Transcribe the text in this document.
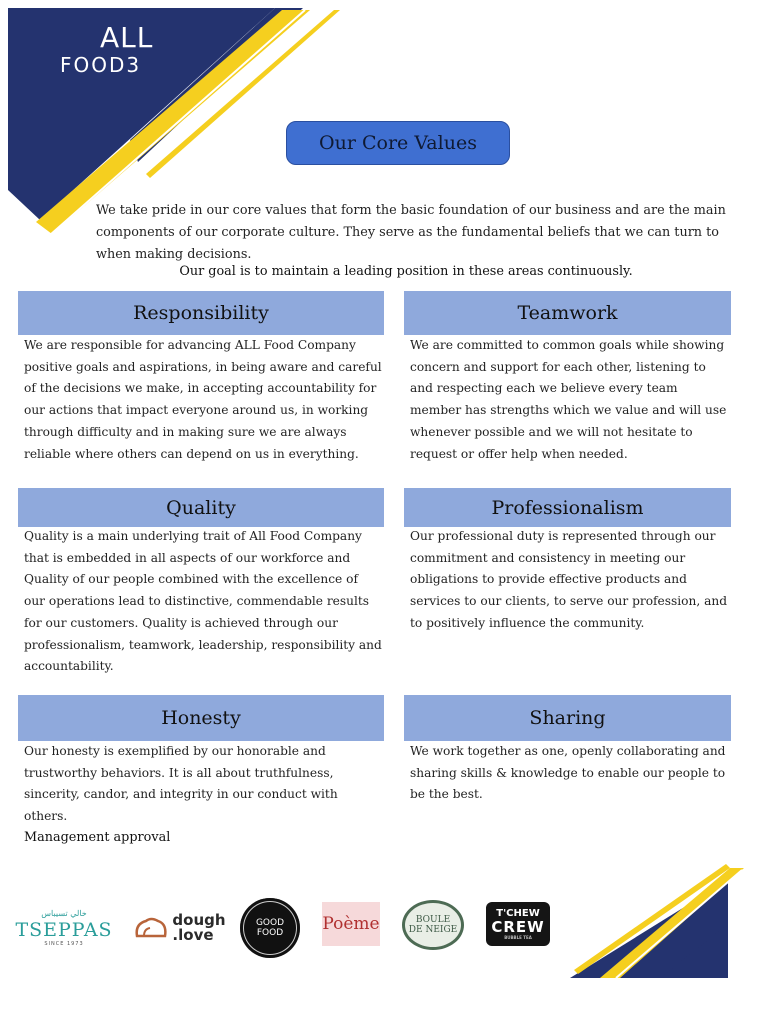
ALL
FOOD3
Our Core Values
We take pride in our core values that form the basic foundation of our business and are the main components of our corporate culture. They serve as the fundamental beliefs that we can turn to when making decisions.
Our goal is to maintain a leading position in these areas continuously.
Responsibility
We are responsible for advancing ALL Food Company positive goals and aspirations, in being aware and careful of the decisions we make, in accepting accountability for our actions that impact everyone around us, in working through difficulty and in making sure we are always reliable where others can depend on us in everything.
Teamwork
We are committed to common goals while showing concern and support for each other, listening to and respecting each we believe every team member has strengths which we value and will use whenever possible and we will not hesitate to request or offer help when needed.
Quality
Quality is a main underlying trait of All Food Company that is embedded in all aspects of our workforce and Quality of our people combined with the excellence of our operations lead to distinctive, commendable results for our customers. Quality is achieved through our professionalism, teamwork, leadership, responsibility and accountability.
Professionalism
Our professional duty is represented through our commitment and consistency in meeting our obligations to provide effective products and services to our clients, to serve our profession, and to positively influence the community.
Honesty
Our honesty is exemplified by our honorable and trustworthy behaviors. It is all about truthfulness, sincerity, candor, and integrity in our conduct with others.
Sharing
We work together as one, openly collaborating and sharing skills & knowledge to enable our people to be the best.
Management approval
خالي تسيباس
TSEPPAS
SINCE 1973
dough
.love
GOOD
FOOD Poème	BOULE
DE NEIGE
T'CHEW
CREW
BUBBLE TEA
